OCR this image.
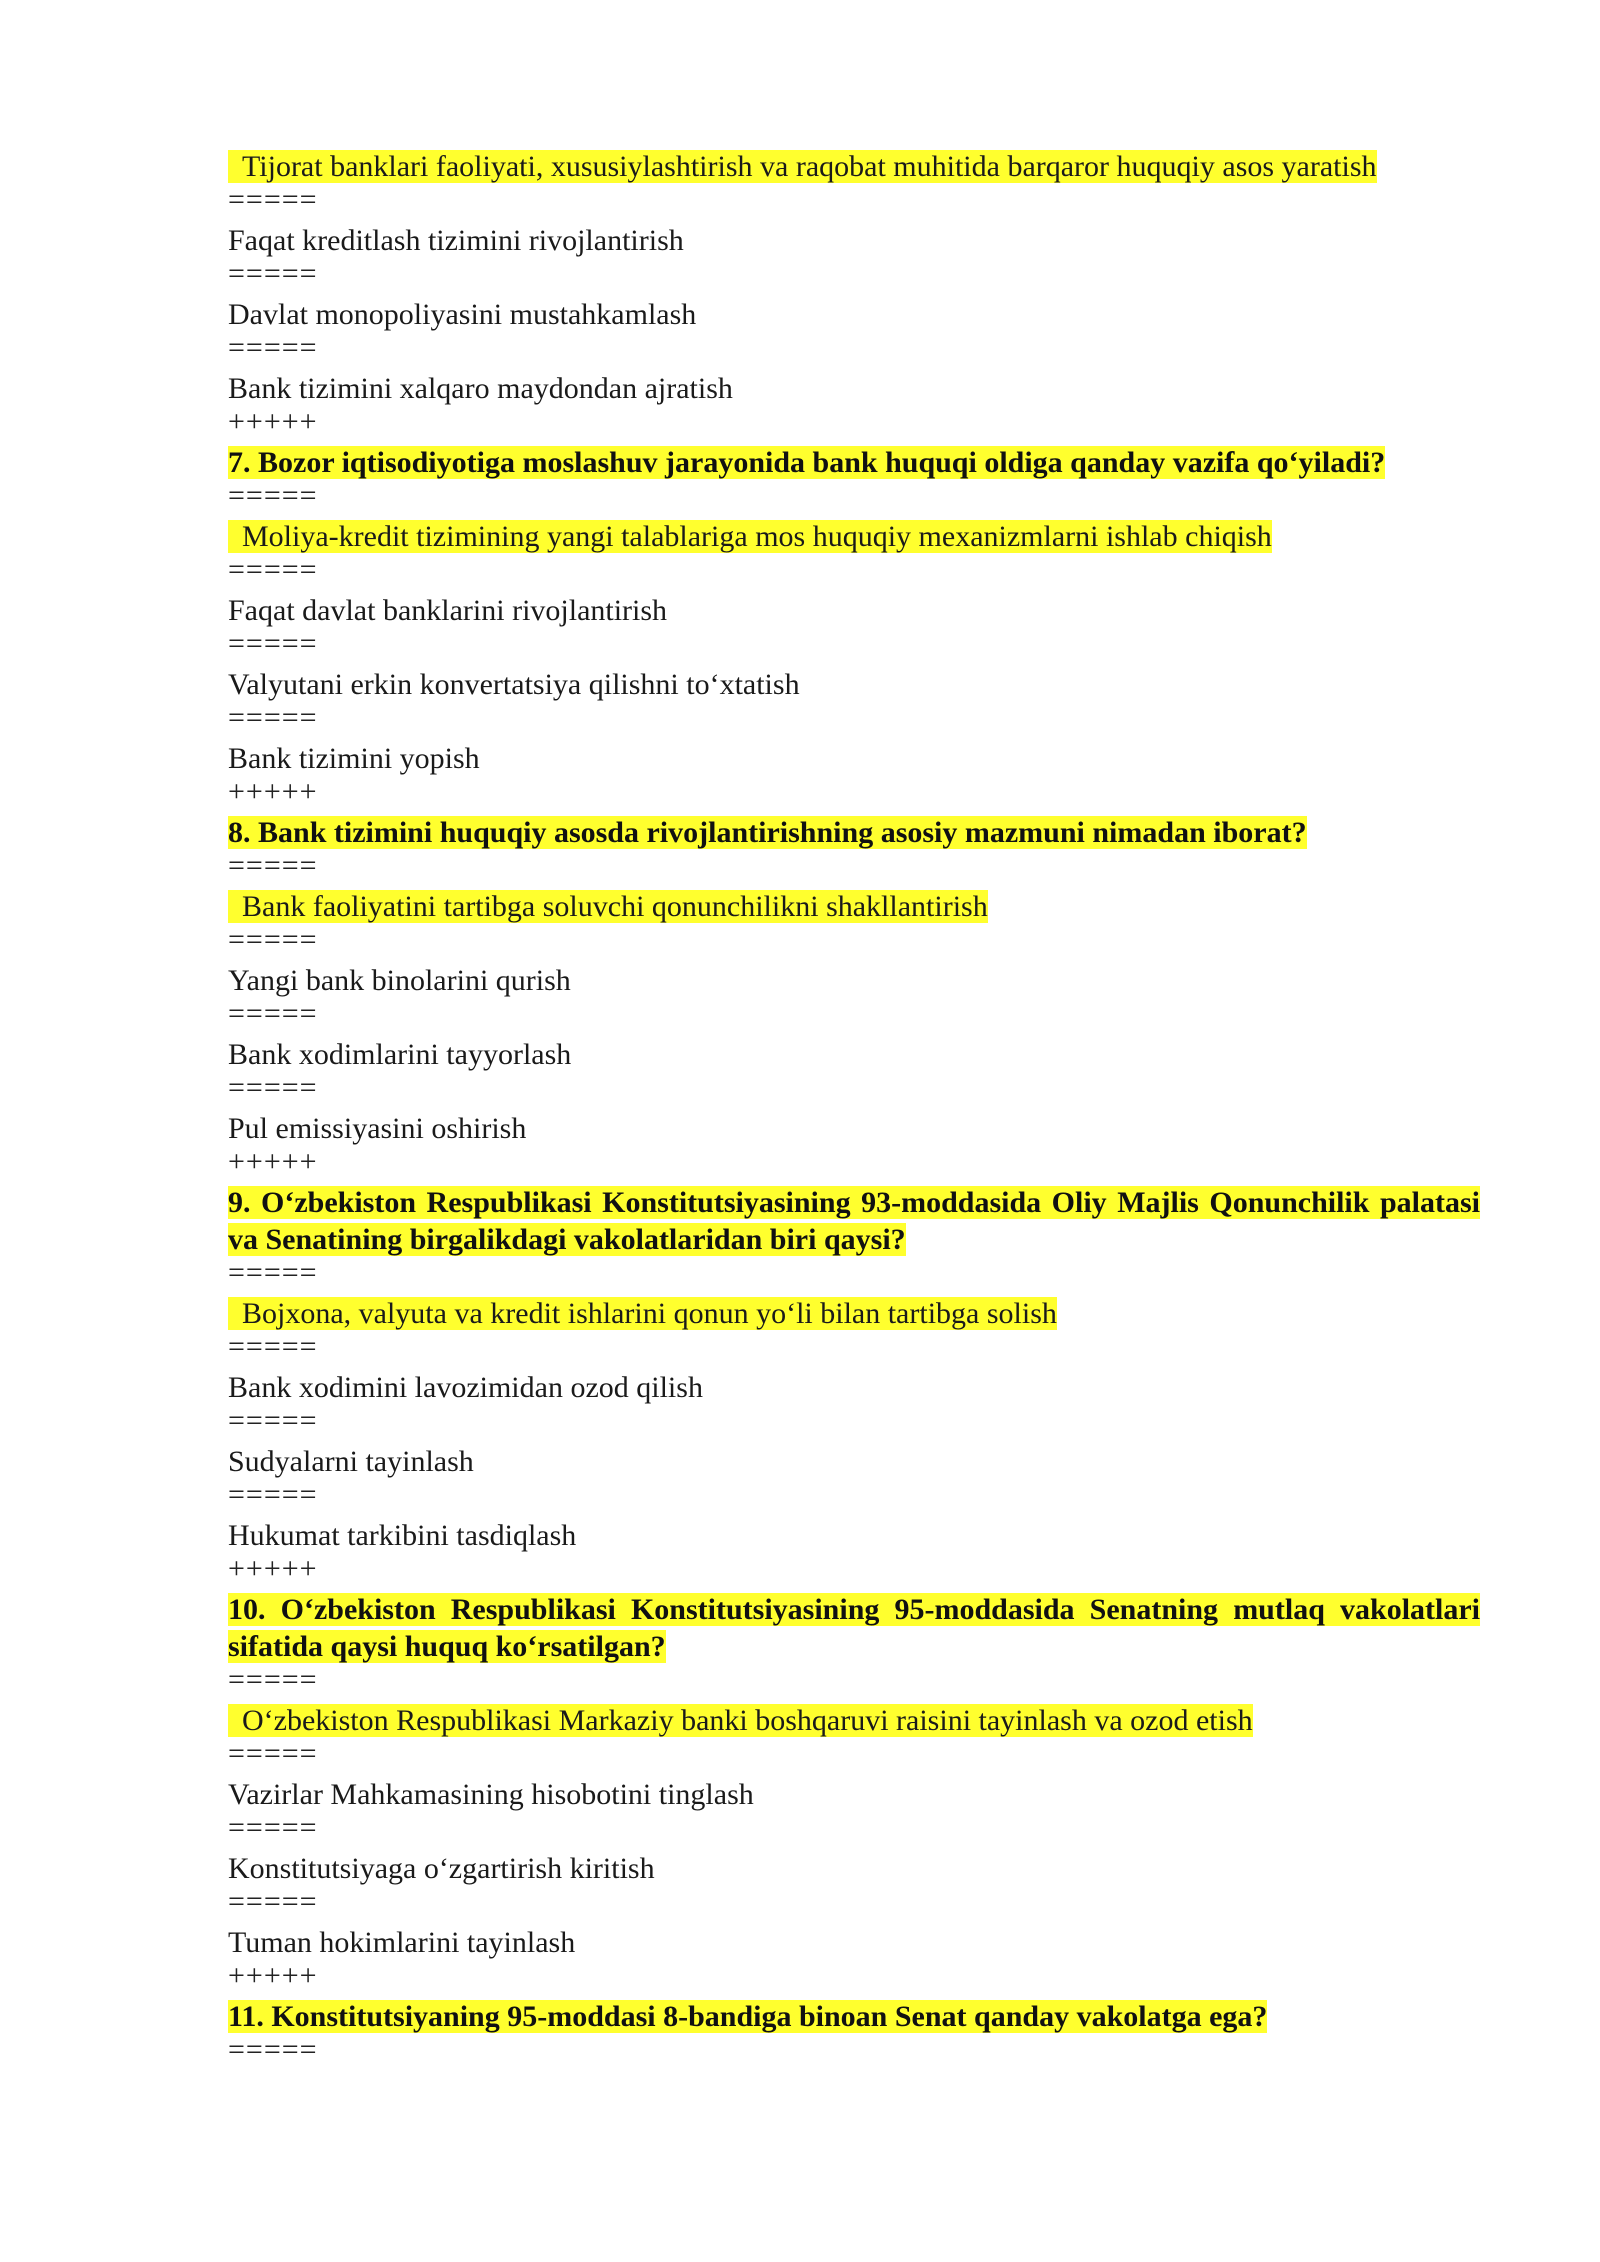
Tijorat banklari faoliyati, xususiylashtirish va raqobat muhitida barqaror huquqiy asos yaratish
=====
Faqat kreditlash tizimini rivojlantirish
=====
Davlat monopoliyasini mustahkamlash
=====
Bank tizimini xalqaro maydondan ajratish
+++++
7. Bozor iqtisodiyotiga moslashuv jarayonida bank huquqi oldiga qanday vazifa qo‘yiladi?
=====
Moliya-kredit tizimining yangi talablariga mos huquqiy mexanizmlarni ishlab chiqish
=====
Faqat davlat banklarini rivojlantirish
=====
Valyutani erkin konvertatsiya qilishni to‘xtatish
=====
Bank tizimini yopish
+++++
8. Bank tizimini huquqiy asosda rivojlantirishning asosiy mazmuni nimadan iborat?
=====
Bank faoliyatini tartibga soluvchi qonunchilikni shakllantirish
=====
Yangi bank binolarini qurish
=====
Bank xodimlarini tayyorlash
=====
Pul emissiyasini oshirish
+++++
9. O‘zbekiston Respublikasi Konstitutsiyasining 93-moddasida Oliy Majlis Qonunchilik palatasi va Senatining birgalikdagi vakolatlaridan biri qaysi?
=====
Bojxona, valyuta va kredit ishlarini qonun yo‘li bilan tartibga solish
=====
Bank xodimini lavozimidan ozod qilish
=====
Sudyalarni tayinlash
=====
Hukumat tarkibini tasdiqlash
+++++
10. O‘zbekiston Respublikasi Konstitutsiyasining 95-moddasida Senatning mutlaq vakolatlari sifatida qaysi huquq ko‘rsatilgan?
=====
O‘zbekiston Respublikasi Markaziy banki boshqaruvi raisini tayinlash va ozod etish
=====
Vazirlar Mahkamasining hisobotini tinglash
=====
Konstitutsiyaga o‘zgartirish kiritish
=====
Tuman hokimlarini tayinlash
+++++
11. Konstitutsiyaning 95-moddasi 8-bandiga binoan Senat qanday vakolatga ega?
=====
